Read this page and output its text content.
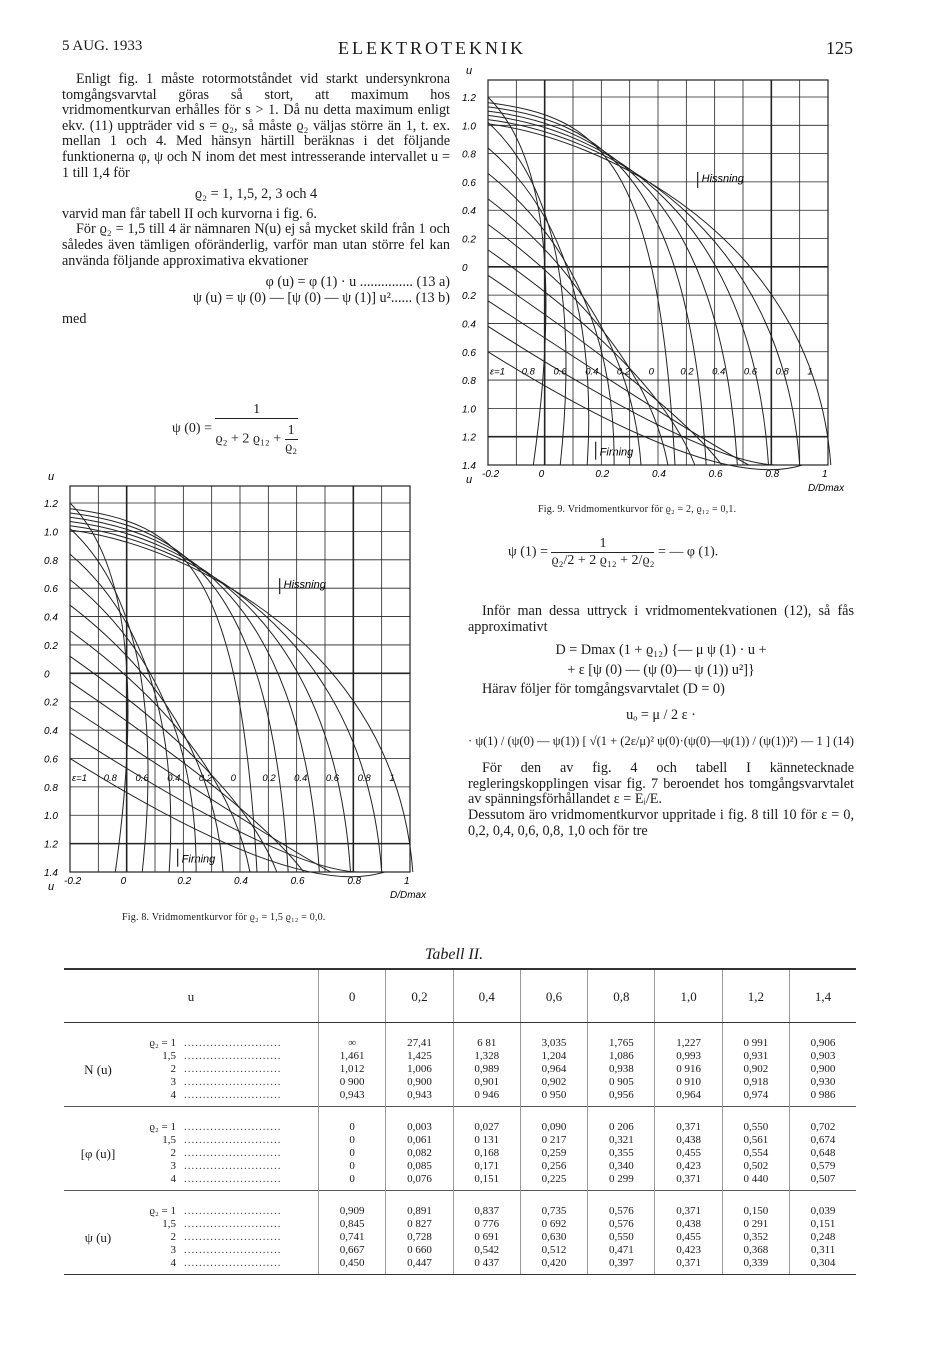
5 AUG. 1933	ELEKTROTEKNIK	125

Enligt fig. 1 måste rotormotståndet vid starkt undersynkrona tomgångsvarvtal göras så stort, att maximum hos vridmomentkurvan erhålles för s > 1. Då nu detta maximum enligt ekv. (11) uppträder vid s = ϱ₂, så måste ϱ₂ väljas större än 1, t. ex. mellan 1 och 4. Med hänsyn härtill beräknas i det följande funktionerna φ, ψ och N inom det mest intresserande intervallet u = 1 till 1,4 för

ϱ₂ = 1, 1,5, 2, 3 och 4

varvid man får tabell II och kurvorna i fig. 6.

För ϱ₂ = 1,5 till 4 är nämnaren N(u) ej så mycket skild från 1 och således även tämligen oföränderlig, varför man utan större fel kan använda följande approximativa ekvationer

φ (u) = φ (1) · u ............... (13 a)

ψ (u) = ψ (0) — [ψ (0) — ψ (1)] u²...... (13 b)

med

ψ $(0) = \frac{1}{ϱ_2 + 2 ϱ_{12} + \frac{1}{\text{ϱ₂}}}$
1.2
1.0
0.8
0.6
0.4
0.2
0
0.2
0.4
0.6
0.8
1.0
1.2
1.4
u
u -0.2	0	0.2	0.4	0.6	0.8	1
D/Dmax
ε=1 0.8 0.6 0.4 0.2 0	0.2 0.4 0.6 0.8 1
Hissning
Firning
Fig. 9. Vridmomentkurvor för ϱ₂ = 2, ϱ₁₂ = 0,1.
1.2
1.0
0.8
0.6
0.4
0.2
0
0.2
0.4
0.6
0.8
1.0
1.2
1.4
u
u -0.2	0	0.2	0.4	0.6	0.8	1
D/Dmax
ε=1 0.8 0.6 0.4 0.2 0	0.2 0.4 0.6 0.8 1
Hissning
Firning
Fig. 8. Vridmomentkurvor för ϱ₂ = 1,5 ϱ₁₂ = 0,0.
ψ $(1) = \frac{1}{\text{ϱ₂/2 + 2 ϱ₁₂ + 2/ϱ₂}}$ = — φ (1).

Inför man dessa uttryck i vridmomentekvationen (12), så fås approximativt

D = Dmax (1 + ϱ₁₂) {— μ ψ (1) · u +

+ ε [ψ (0) — (ψ (0)— ψ (1)) u²]}

Härav följer för tomgångsvarvtalet (D = 0)

uₒ = μ / 2 ε ·

· ψ(1) / (ψ(0) — ψ(1)) [ √(1 + (2ε/μ)² ψ(0)·(ψ(0)—ψ(1)) / (ψ(1))²) — 1 ] (14)

För den av fig. 4 och tabell I kännetecknade regleringskopplingen visar fig. 7 beroendet hos tomgångsvarvtalet av spänningsförhållandet ε = Eᵢ/E.

Dessutom äro vridmomentkurvor uppritade i fig. 8 till 10 för ε = 0, 0,2, 0,4, 0,6, 0,8, 1,0 och för tre

Tabell II.
u			0	0,2	0,4	0,6	0,8	1,0	1,2	1,4
	ϱ₂ = 1	..........................	∞	27,41	6 81	3,035	1,765	1,227	0 991	0,906
	1,5	..........................	1,461	1,425	1,328	1,204	1,086	0,993	0,931	0,903
N (u)	2	..........................	1,012	1,006	0,989	0,964	0,938	0 916	0,902	0,900
	3	..........................	0 900	0,900	0,901	0,902	0 905	0 910	0,918	0,930
	4	..........................	0,943	0,943	0 946	0 950	0,956	0,964	0,974	0 986
	ϱ₂ = 1	..........................	0	0,003	0,027	0,090	0 206	0,371	0,550	0,702
	1,5	..........................	0	0,061	0 131	0 217	0,321	0,438	0,561	0,674
[φ (u)]	2	..........................	0	0,082	0,168	0,259	0,355	0,455	0,554	0,648
	3	..........................	0	0,085	0,171	0,256	0,340	0,423	0,502	0,579
	4	..........................	0	0,076	0,151	0,225	0 299	0,371	0 440	0,507
	ϱ₂ = 1	..........................	0,909	0,891	0,837	0,735	0,576	0,371	0,150	0,039
	1,5	..........................	0,845	0 827	0 776	0 692	0,576	0,438	0 291	0,151
ψ (u)	2	..........................	0,741	0,728	0 691	0,630	0,550	0,455	0,352	0,248
	3	..........................	0,667	0 660	0,542	0,512	0,471	0,423	0,368	0,311
	4	..........................	0,450	0,447	0 437	0,420	0,397	0,371	0,339	0,304
